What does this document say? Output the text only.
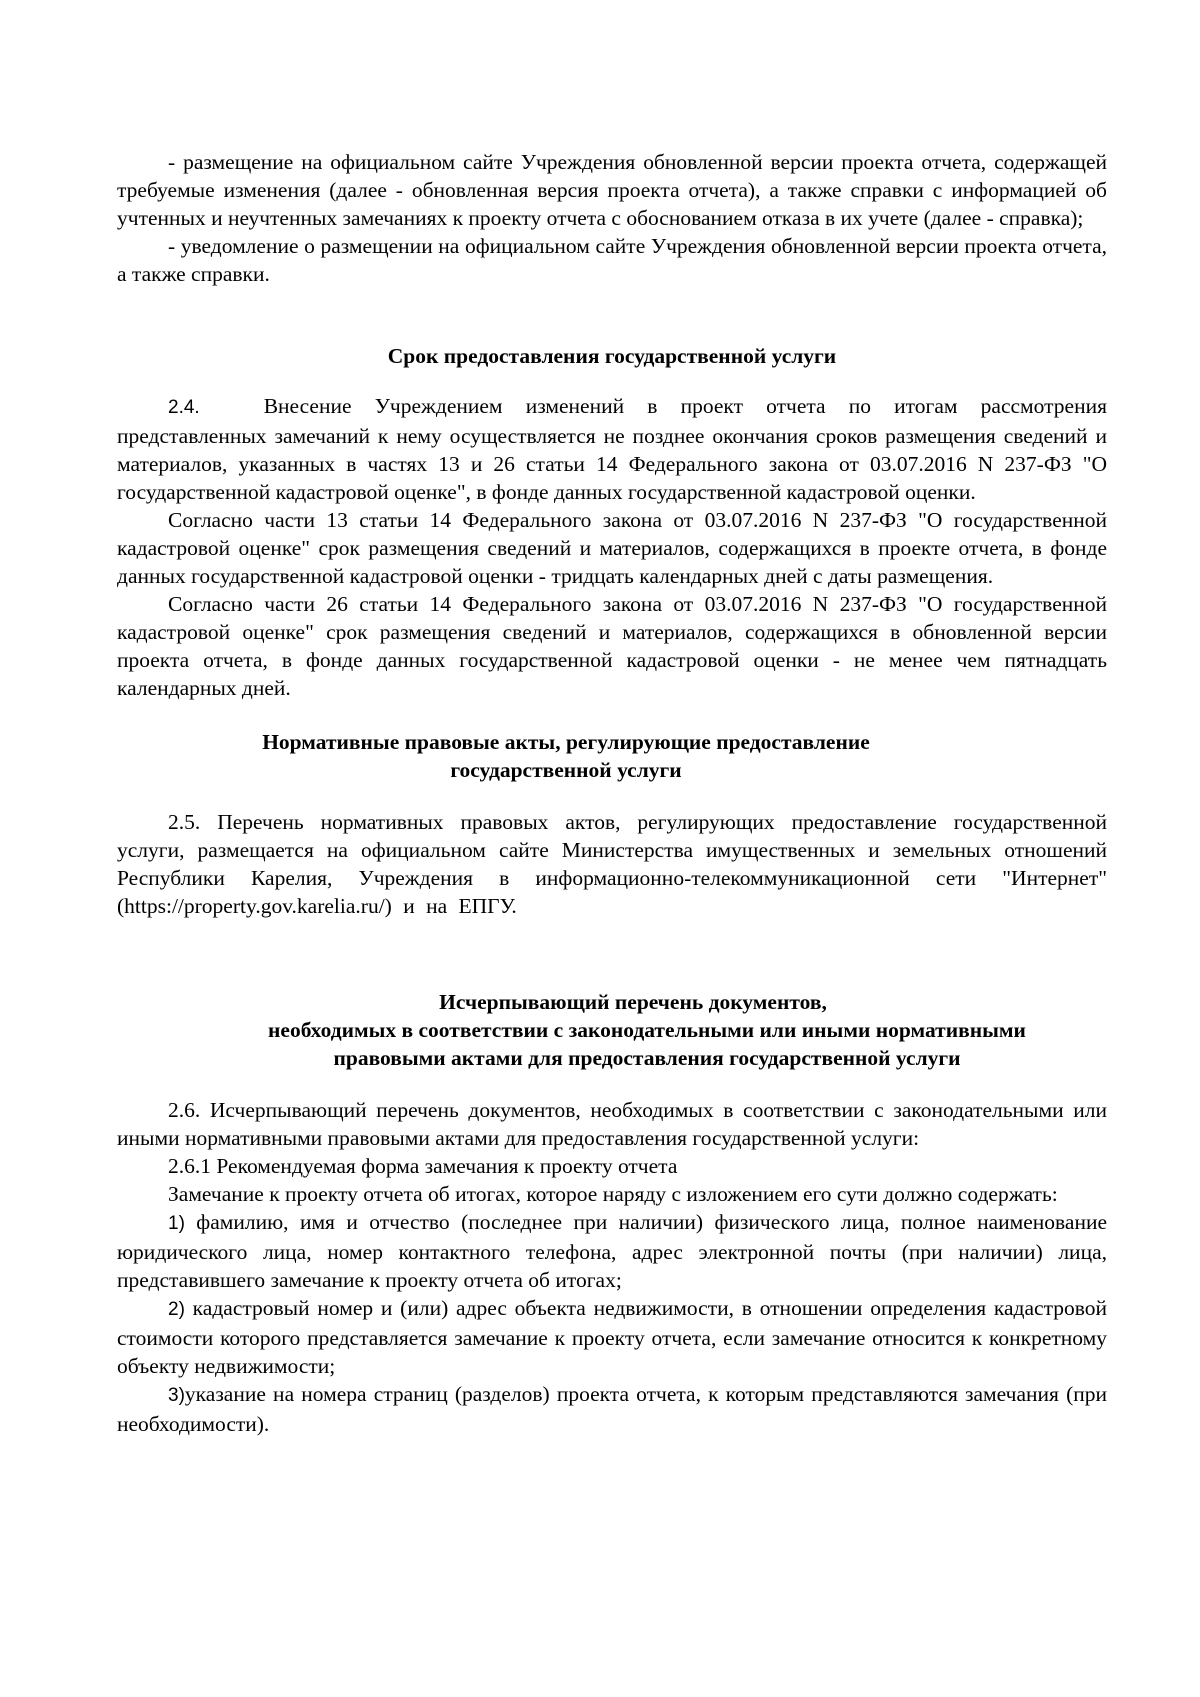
- размещение на официальном сайте Учреждения обновленной версии проекта отчета, содержащей требуемые изменения (далее - обновленная версия проекта отчета), а также справки с информацией об учтенных и неучтенных замечаниях к проекту отчета с обоснованием отказа в их учете (далее - справка);

- уведомление о размещении на официальном сайте Учреждения обновленной версии проекта отчета, а также справки.

Срок предоставления государственной услуги

2.4.	Внесение Учреждением изменений в проект отчета по итогам рассмотрения представленных замечаний к нему осуществляется не позднее окончания сроков размещения сведений и материалов, указанных в частях 13 и 26 статьи 14 Федерального закона от 03.07.2016 N 237-ФЗ "О государственной кадастровой оценке", в фонде данных государственной кадастровой оценки.

Согласно части 13 статьи 14 Федерального закона от 03.07.2016 N 237-ФЗ "О государственной кадастровой оценке" срок размещения сведений и материалов, содержащихся в проекте отчета, в фонде данных государственной кадастровой оценки - тридцать календарных дней с даты размещения.

Согласно части 26 статьи 14 Федерального закона от 03.07.2016 N 237-ФЗ "О государственной кадастровой оценке" срок размещения сведений и материалов, содержащихся в обновленной версии проекта отчета, в фонде данных государственной кадастровой оценки - не менее чем пятнадцать календарных дней.

Нормативные правовые акты, регулирующие предоставление
государственной услуги

2.5. Перечень нормативных правовых актов, регулирующих предоставление государственной услуги, размещается на официальном сайте Министерства имущественных и земельных отношений Республики Карелия, Учреждения в информационно-телекоммуникационной сети "Интернет" (https://property.gov.karelia.ru/) и на ЕПГУ.

Исчерпывающий перечень документов,
необходимых в соответствии с законодательными или иными нормативными
правовыми актами для предоставления государственной услуги

2.6. Исчерпывающий перечень документов, необходимых в соответствии с законодательными или иными нормативными правовыми актами для предоставления государственной услуги:

2.6.1 Рекомендуемая форма замечания к проекту отчета

Замечание к проекту отчета об итогах, которое наряду с изложением его сути должно содержать:

1) фамилию, имя и отчество (последнее при наличии) физического лица, полное наименование юридического лица, номер контактного телефона, адрес электронной почты (при наличии) лица, представившего замечание к проекту отчета об итогах;

2) кадастровый номер и (или) адрес объекта недвижимости, в отношении определения кадастровой стоимости которого представляется замечание к проекту отчета, если замечание относится к конкретному объекту недвижимости;

3)указание на номера страниц (разделов) проекта отчета, к которым представляются замечания (при необходимости).
